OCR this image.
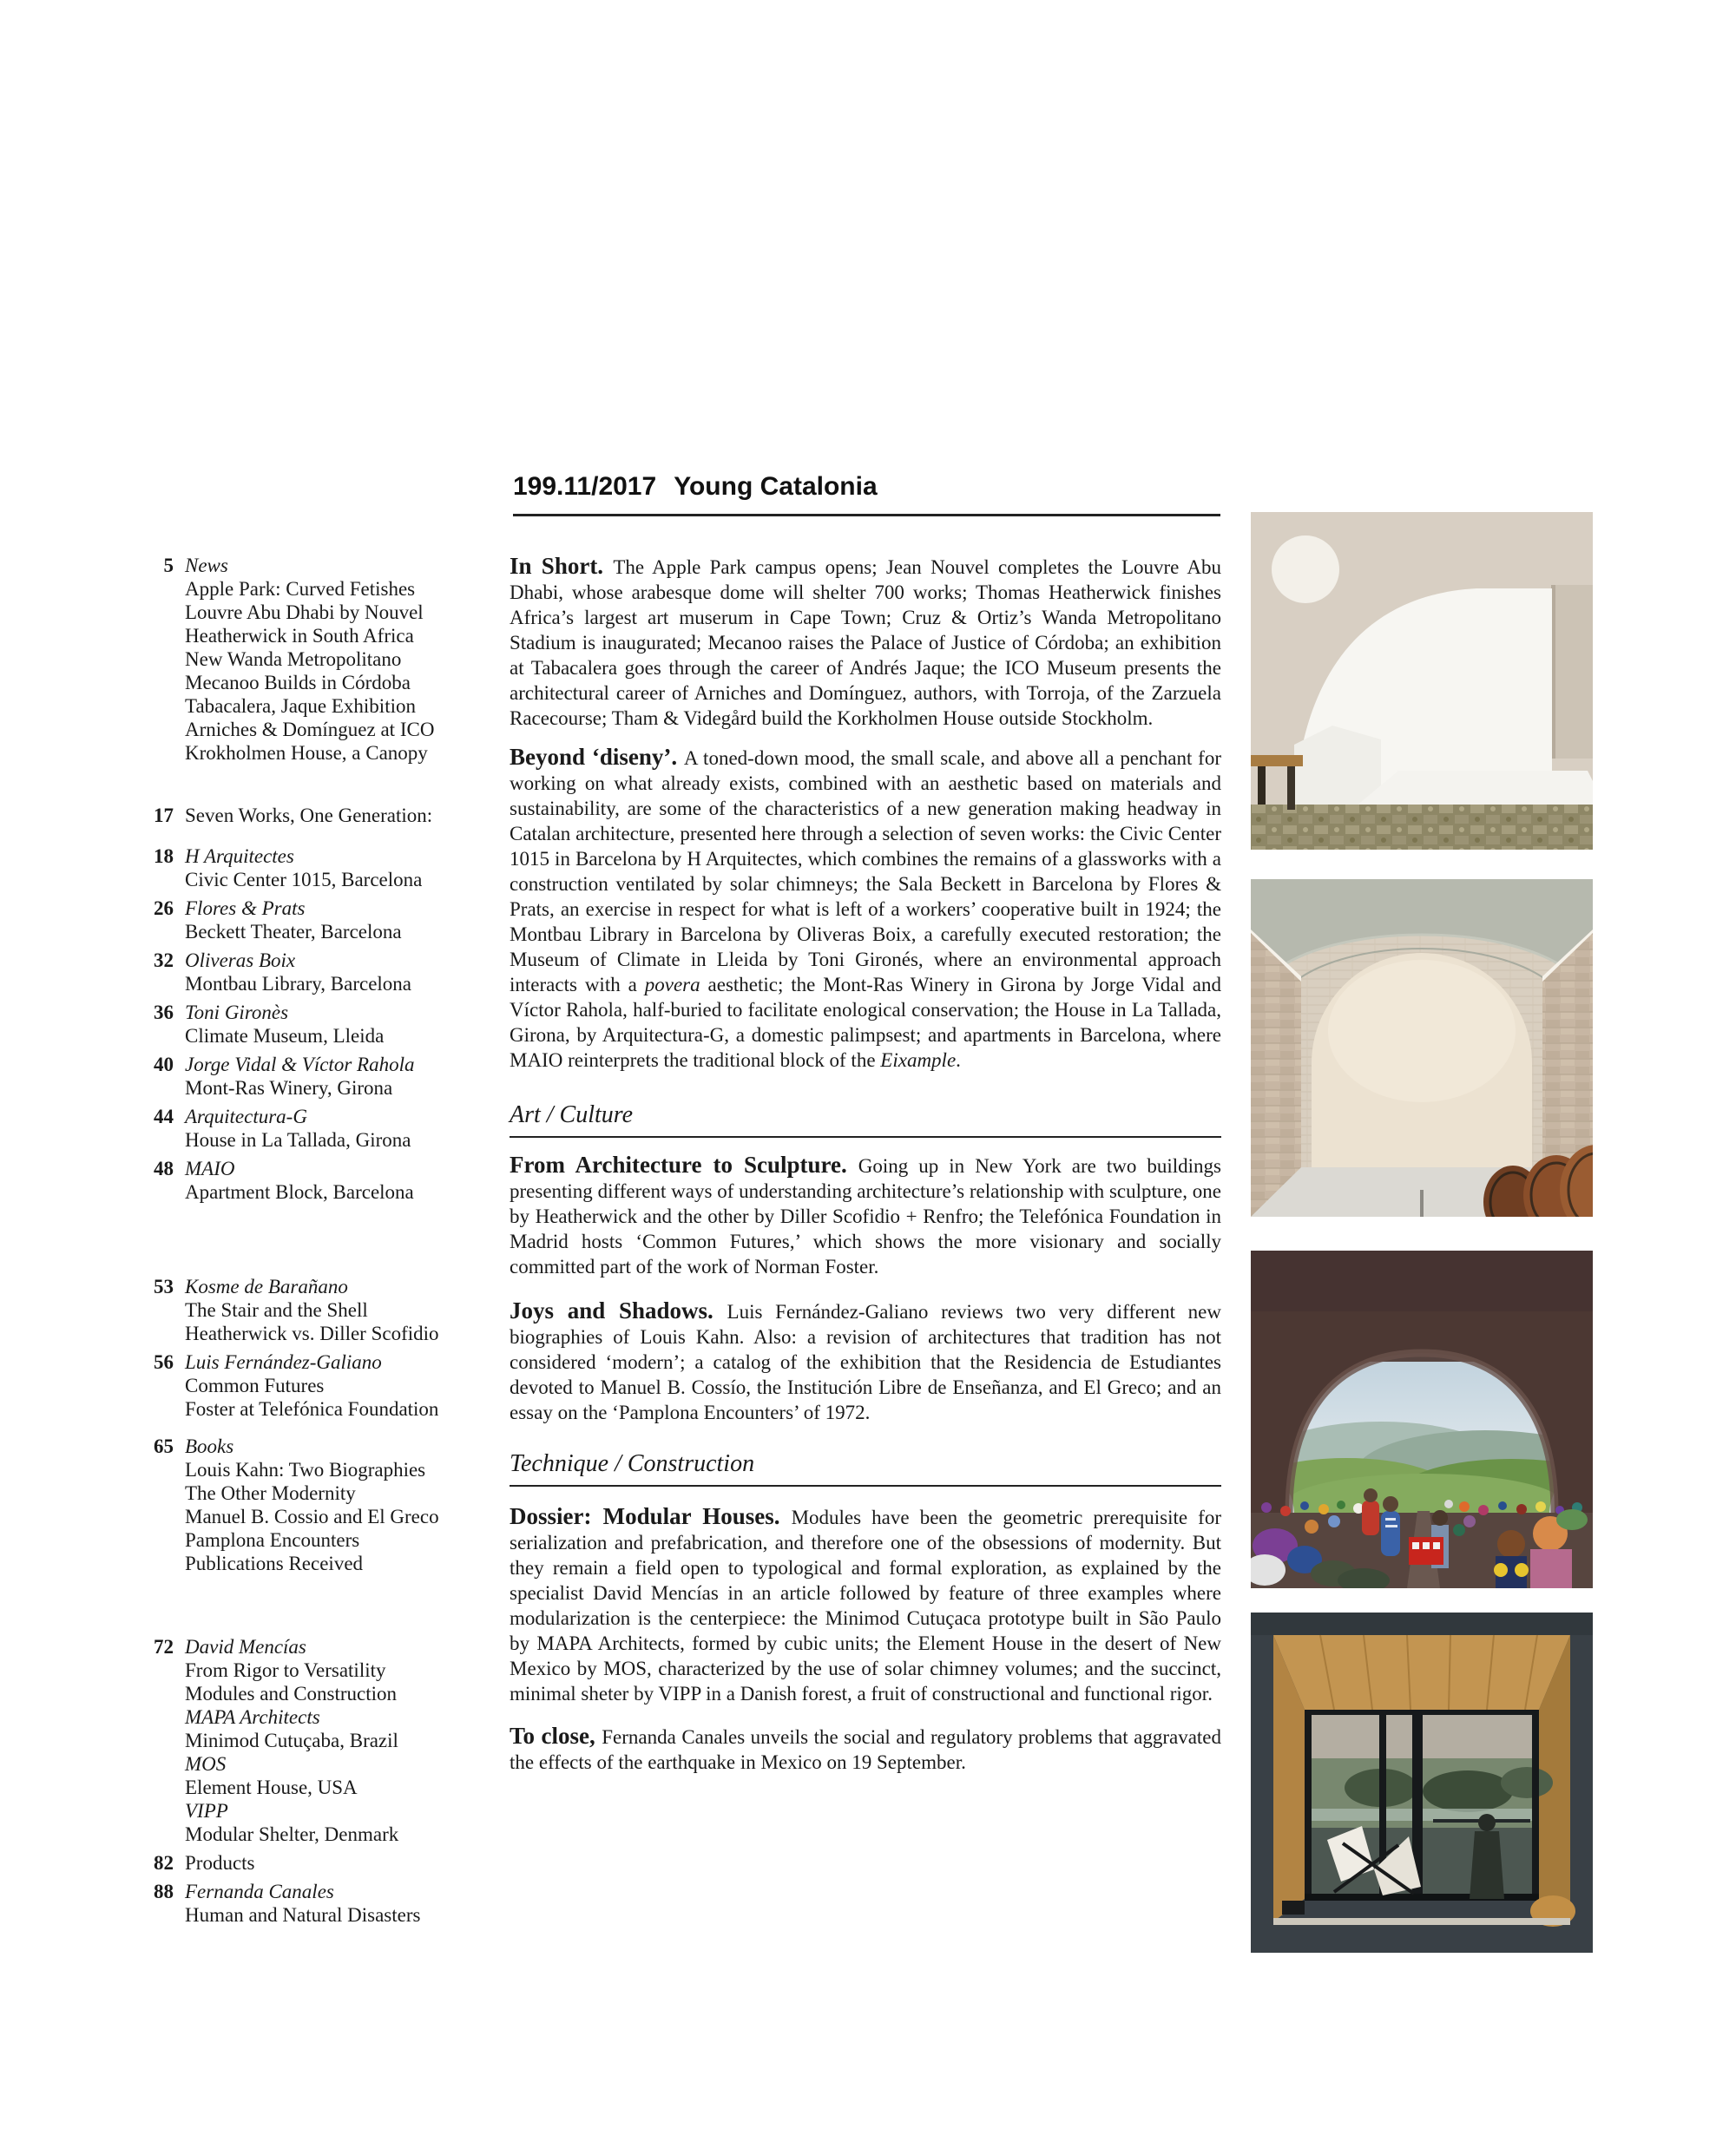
199.11/2017 Young Catalonia
5 News
Apple Park: Curved Fetishes
Louvre Abu Dhabi by Nouvel
Heatherwick in South Africa
New Wanda Metropolitano
Mecanoo Builds in Córdoba
Tabacalera, Jaque Exhibition
Arniches & Domínguez at ICO
Krokholmen House, a Canopy
17 Seven Works, One Generation:
18 H Arquitectes
Civic Center 1015, Barcelona
26 Flores & Prats
Beckett Theater, Barcelona
32 Oliveras Boix
Montbau Library, Barcelona
36 Toni Gironès
Climate Museum, Lleida
40 Jorge Vidal & Víctor Rahola
Mont-Ras Winery, Girona
44 Arquitectura-G
House in La Tallada, Girona
48 MAIO
Apartment Block, Barcelona
53 Kosme de Barañano
The Stair and the Shell
Heatherwick vs. Diller Scofidio
56 Luis Fernández-Galiano
Common Futures
Foster at Telefónica Foundation
65 Books
Louis Kahn: Two Biographies
The Other Modernity
Manuel B. Cossio and El Greco
Pamplona Encounters
Publications Received
72 David Mencías
From Rigor to Versatility
Modules and Construction
MAPA Architects
Minimod Cutuçaba, Brazil
MOS
Element House, USA
VIPP
Modular Shelter, Denmark
82 Products
88 Fernanda Canales
Human and Natural Disasters

In Short. The Apple Park campus opens; Jean Nouvel completes the Louvre Abu Dhabi, whose arabesque dome will shelter 700 works; Thomas Heatherwick finishes Africa’s largest art muserum in Cape Town; Cruz & Ortiz’s Wanda Metropolitano Stadium is inaugurated; Mecanoo raises the Palace of Justice of Córdoba; an exhibition at Tabacalera goes through the career of Andrés Jaque; the ICO Museum presents the architectural career of Arniches and Domínguez, authors, with Torroja, of the Zarzuela Racecourse; Tham & Videgård build the Korkholmen House outside Stockholm.

Beyond ‘diseny’. A toned-down mood, the small scale, and above all a penchant for working on what already exists, combined with an aesthetic based on materials and sustainability, are some of the characteristics of a new generation making headway in Catalan architecture, presented here through a selection of seven works: the Civic Center 1015 in Barcelona by H Arquitectes, which combines the remains of a glassworks with a construction ventilated by solar chimneys; the Sala Beckett in Barcelona by Flores & Prats, an exercise in respect for what is left of a workers’ cooperative built in 1924; the Montbau Library in Barcelona by Oliveras Boix, a carefully executed restoration; the Museum of Climate in Lleida by Toni Gironés, where an environmental approach interacts with a povera aesthetic; the Mont-Ras Winery in Girona by Jorge Vidal and Víctor Rahola, half-buried to facilitate enological conservation; the House in La Tallada, Girona, by Arquitectura-G, a domestic palimpsest; and apartments in Barcelona, where MAIO reinterprets the traditional block of the Eixample.

Art / Culture

From Architecture to Sculpture. Going up in New York are two buildings presenting different ways of understanding architecture’s relationship with sculpture, one by Heatherwick and the other by Diller Scofidio + Renfro; the Telefónica Foundation in Madrid hosts ‘Common Futures,’ which shows the more visionary and socially committed part of the work of Norman Foster.

Joys and Shadows. Luis Fernández-Galiano reviews two very different new biographies of Louis Kahn. Also: a revision of architectures that tradition has not considered ‘modern’; a catalog of the exhibition that the Residencia de Estudiantes devoted to Manuel B. Cossío, the Institución Libre de Enseñanza, and El Greco; and an essay on the ‘Pamplona Encounters’ of 1972.

Technique / Construction

Dossier: Modular Houses. Modules have been the geometric prerequisite for serialization and prefabrication, and therefore one of the obsessions of modernity. But they remain a field open to typological and formal exploration, as explained by the specialist David Mencías in an article followed by feature of three examples where modularization is the centerpiece: the Minimod Cutuçaca prototype built in São Paulo by MAPA Architects, formed by cubic units; the Element House in the desert of New Mexico by MOS, characterized by the use of solar chimney volumes; and the succinct, minimal sheter by VIPP in a Danish forest, a fruit of constructional and functional rigor.

To close, Fernanda Canales unveils the social and regulatory problems that aggravated the effects of the earthquake in Mexico on 19 September.
